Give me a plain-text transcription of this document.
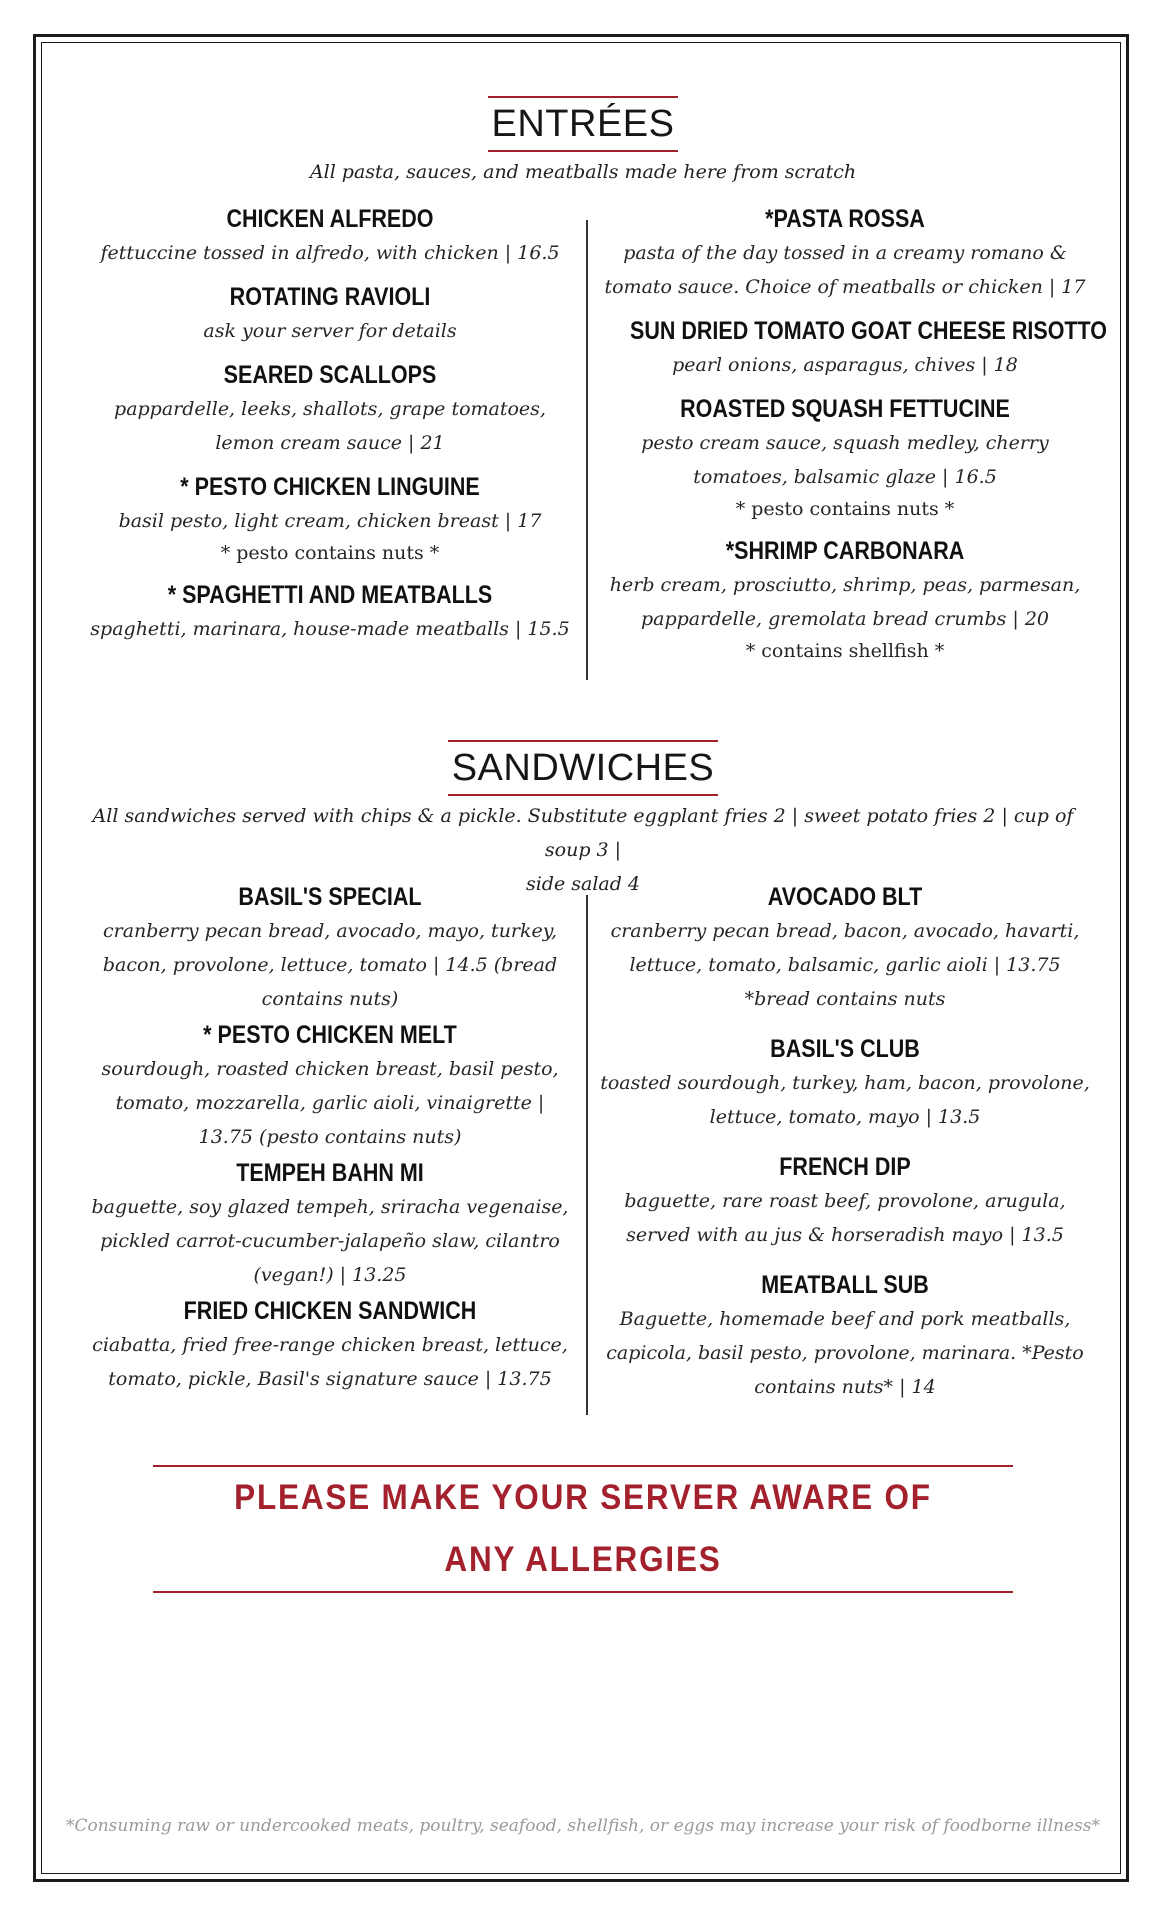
ENTRÉES
All pasta, sauces, and meatballs made here from scratch
CHICKEN ALFREDO
fettuccine tossed in alfredo, with chicken | 16.5
ROTATING RAVIOLI
ask your server for details
SEARED SCALLOPS
pappardelle, leeks, shallots, grape tomatoes,
lemon cream sauce | 21
* PESTO CHICKEN LINGUINE
basil pesto, light cream, chicken breast | 17
* pesto contains nuts *
* SPAGHETTI AND MEATBALLS
spaghetti, marinara, house-made meatballs | 15.5
*PASTA ROSSA
pasta of the day tossed in a creamy romano &
tomato sauce. Choice of meatballs or chicken | 17
SUN DRIED TOMATO GOAT CHEESE RISOTTO
pearl onions, asparagus, chives | 18
ROASTED SQUASH FETTUCINE
pesto cream sauce, squash medley, cherry
tomatoes, balsamic glaze | 16.5
* pesto contains nuts *
*SHRIMP CARBONARA
herb cream, prosciutto, shrimp, peas, parmesan,
pappardelle, gremolata bread crumbs | 20
* contains shellfish *
SANDWICHES
All sandwiches served with chips & a pickle. Substitute eggplant fries 2 | sweet potato fries 2 | cup of soup 3 |
side salad 4
BASIL'S SPECIAL
cranberry pecan bread, avocado, mayo, turkey,
bacon, provolone, lettuce, tomato | 14.5 (bread
contains nuts)
* PESTO CHICKEN MELT
sourdough, roasted chicken breast, basil pesto,
tomato, mozzarella, garlic aioli, vinaigrette |
13.75 (pesto contains nuts)
TEMPEH BAHN MI
baguette, soy glazed tempeh, sriracha vegenaise,
pickled carrot-cucumber-jalapeño slaw, cilantro
(vegan!) | 13.25
FRIED CHICKEN SANDWICH
ciabatta, fried free-range chicken breast, lettuce,
tomato, pickle, Basil's signature sauce | 13.75
AVOCADO BLT
cranberry pecan bread, bacon, avocado, havarti,
lettuce, tomato, balsamic, garlic aioli | 13.75
*bread contains nuts
BASIL'S CLUB
toasted sourdough, turkey, ham, bacon, provolone,
lettuce, tomato, mayo | 13.5
FRENCH DIP
baguette, rare roast beef, provolone, arugula,
served with au jus & horseradish mayo | 13.5
MEATBALL SUB
Baguette, homemade beef and pork meatballs,
capicola, basil pesto, provolone, marinara. *Pesto
contains nuts* | 14
PLEASE MAKE YOUR SERVER AWARE OF ANY ALLERGIES
*Consuming raw or undercooked meats, poultry, seafood, shellfish, or eggs may increase your risk of foodborne illness*
